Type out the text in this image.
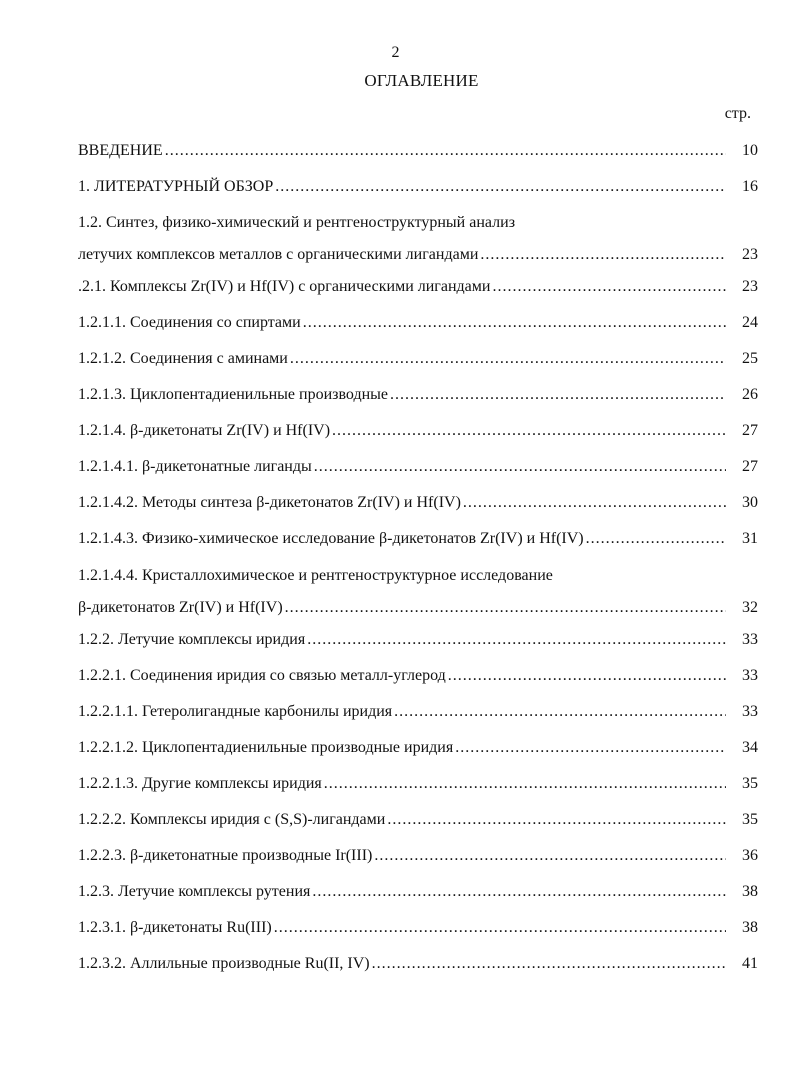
2
ОГЛАВЛЕНИЕ
стр.
ВВЕДЕНИЕ .....	10
1. ЛИТЕРАТУРНЫЙ ОБЗОР .....	16
1.2. Синтез, физико-химический и рентгеноструктурный анализ
летучих комплексов металлов с органическими лигандами .....	23
.2.1. Комплексы Zr(IV) и Hf(IV) с органическими лигандами .....	23
1.2.1.1. Соединения со спиртами .....	24
1.2.1.2. Соединения с аминами .....	25
1.2.1.3. Циклопентадиенильные производные .....	26
1.2.1.4. β-дикетонаты Zr(IV) и Hf(IV) .....	27
1.2.1.4.1. β-дикетонатные лиганды .....	27
1.2.1.4.2. Методы синтеза β-дикетонатов Zr(IV) и Hf(IV) .....	30
1.2.1.4.3. Физико-химическое исследование β-дикетонатов Zr(IV) и Hf(IV) .....	31
1.2.1.4.4. Кристаллохимическое и рентгеноструктурное исследование
β-дикетонатов Zr(IV) и Hf(IV) .....	32
1.2.2. Летучие комплексы иридия .....	33
1.2.2.1. Соединения иридия со связью металл-углерод .....	33
1.2.2.1.1. Гетеролигандные карбонилы иридия .....	33
1.2.2.1.2. Циклопентадиенильные производные иридия .....	34
1.2.2.1.3. Другие комплексы иридия .....	35
1.2.2.2. Комплексы иридия с (S,S)-лигандами .....	35
1.2.2.3. β-дикетонатные производные Ir(III) .....	36
1.2.3. Летучие комплексы рутения .....	38
1.2.3.1. β-дикетонаты Ru(III) .....	38
1.2.3.2. Аллильные производные Ru(II, IV) .....	41
